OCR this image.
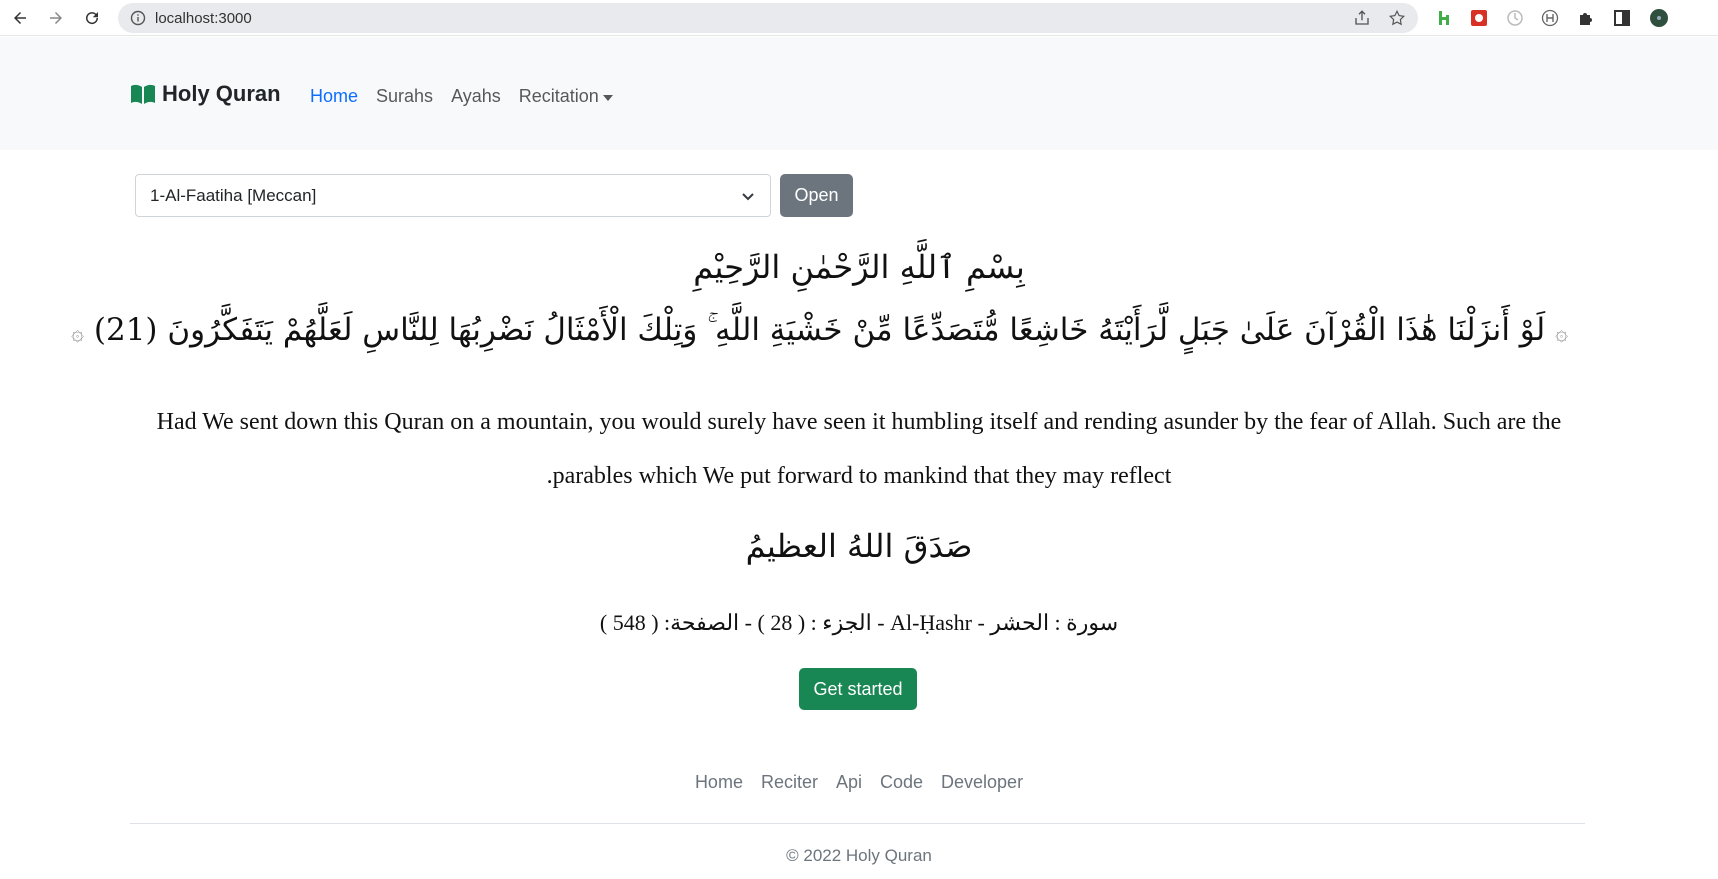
localhost:3000
Holy Quran Home Surahs Ayahs Recitation
1-Al-Faatiha [Meccan]	Open
بِسْمِ ٱللَّهِ الرَّحْمٰنِ الرَّحِيْمِ
۞ لَوْ أَنزَلْنَا هَٰذَا الْقُرْآنَ عَلَىٰ جَبَلٍ لَّرَأَيْتَهُ خَاشِعًا مُّتَصَدِّعًا مِّنْ خَشْيَةِ اللَّهِ ۚ وَتِلْكَ الْأَمْثَالُ نَضْرِبُهَا لِلنَّاسِ لَعَلَّهُمْ يَتَفَكَّرُونَ (21) ۞
Had We sent down this Quran on a mountain, you would surely have seen it humbling itself and rending asunder by the fear of Allah. Such are the parables which We put forward to mankind that they may reflect.
صَدَقَ اللهُ العظيمُ
سورة : الحشر - Al-Ḥashr - الجزء : ( 28 ) - الصفحة: ( 548 )
Get started
Home Reciter Api Code Developer
© 2022 Holy Quran
